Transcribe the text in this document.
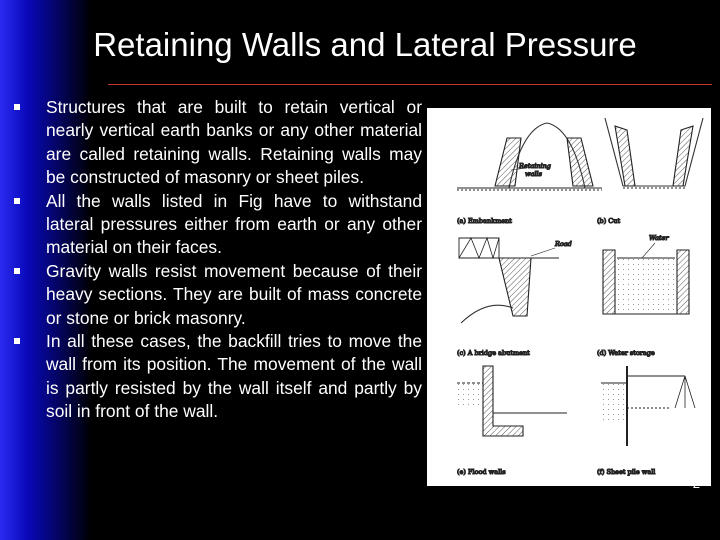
Retaining Walls and Lateral Pressure
Structures that are built to retain vertical or nearly vertical earth banks or any other material are called retaining walls. Retaining walls may be constructed of masonry or sheet piles.
All the walls listed in Fig have to withstand lateral pressures either from earth or any other material on their faces.
Gravity walls resist movement because of their heavy sections. They are built of mass concrete or stone or brick masonry.
In all these cases, the backfill tries to move the wall from its position. The movement of the wall is partly resisted by the wall itself and partly by soil in front of the wall.
Retaining
walls
(a) Embankment	(b) Cut
Road
(c) A bridge abutment
Water
(d) Water storage
(e) Flood walls	(f) Sheet pile wall
2
